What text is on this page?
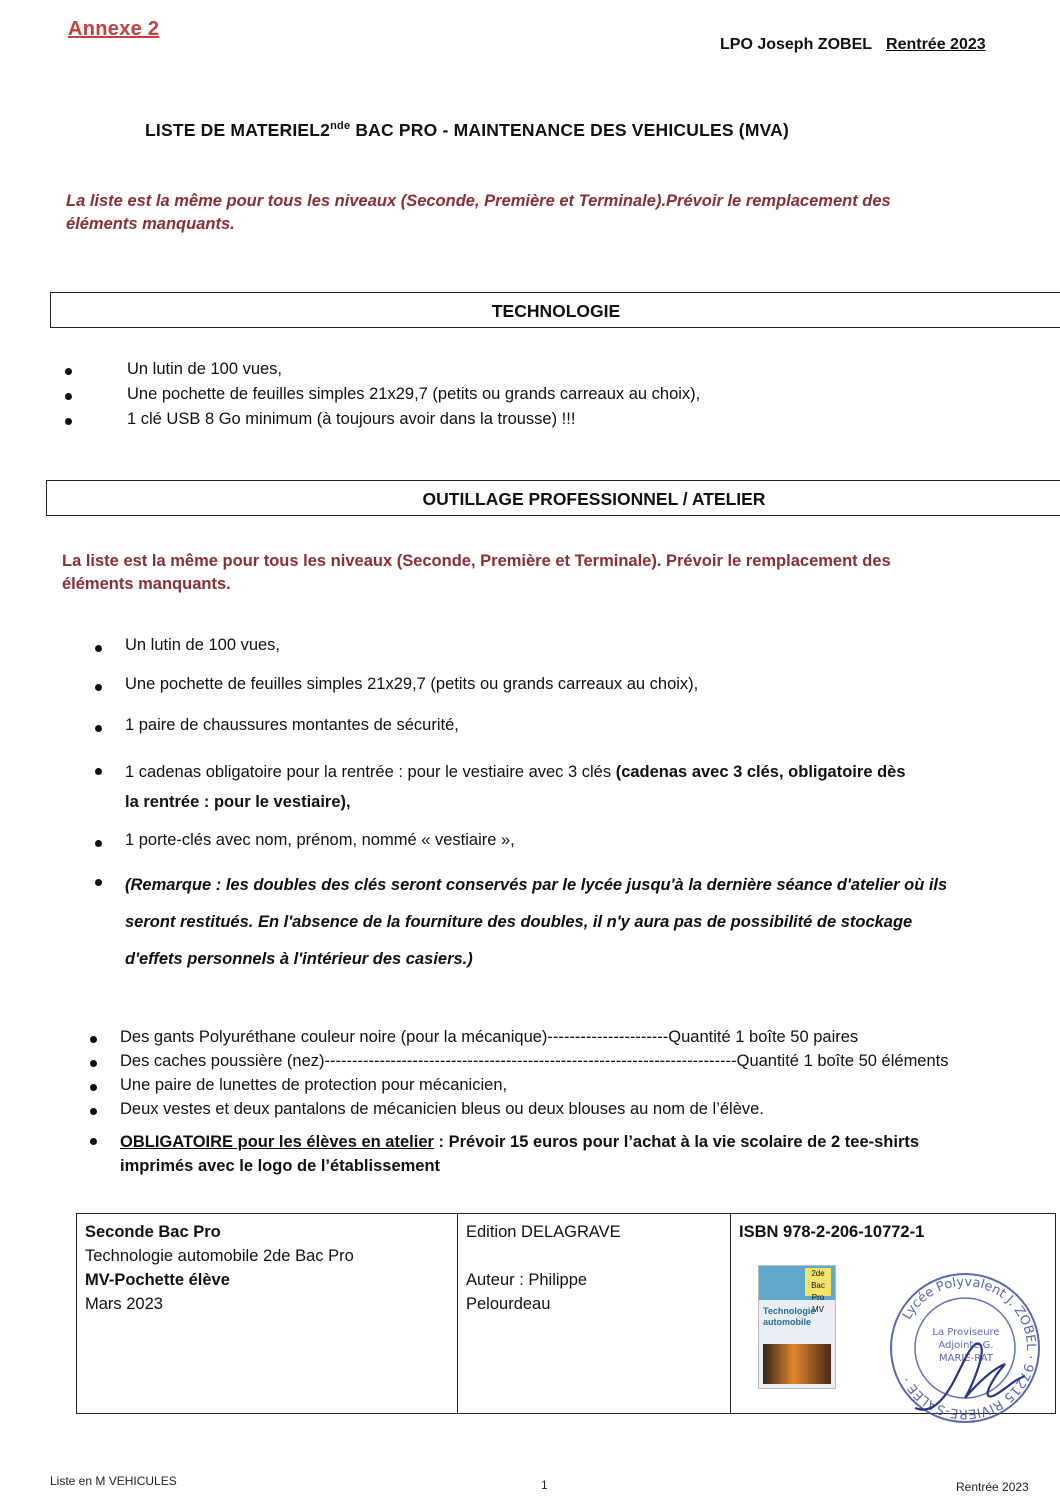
Annexe 2
LPO Joseph ZOBEL Rentrée 2023
LISTE DE MATERIEL2nde BAC PRO - MAINTENANCE DES VEHICULES (MVA)
La liste est la même pour tous les niveaux (Seconde, Première et Terminale).Prévoir le remplacement des
éléments manquants.
TECHNOLOGIE
Un lutin de 100 vues,
Une pochette de feuilles simples 21x29,7 (petits ou grands carreaux au choix),
1 clé USB 8 Go minimum (à toujours avoir dans la trousse) !!!
OUTILLAGE PROFESSIONNEL / ATELIER
La liste est la même pour tous les niveaux (Seconde, Première et Terminale). Prévoir le remplacement des
éléments manquants.
Un lutin de 100 vues,
Une pochette de feuilles simples 21x29,7 (petits ou grands carreaux au choix),
1 paire de chaussures montantes de sécurité,
1 cadenas obligatoire pour la rentrée : pour le vestiaire avec 3 clés (cadenas avec 3 clés, obligatoire dès
la rentrée : pour le vestiaire),
1 porte-clés avec nom, prénom, nommé « vestiaire »,
(Remarque : les doubles des clés seront conservés par le lycée jusqu'à la dernière séance d'atelier où ils
seront restitués. En l'absence de la fourniture des doubles, il n'y aura pas de possibilité de stockage
d'effets personnels à l'intérieur des casiers.)
Des gants Polyuréthane couleur noire (pour la mécanique)----------------------Quantité 1 boîte 50 paires
Des caches poussière (nez)---------------------------------------------------------------------------Quantité 1 boîte 50 éléments
Une paire de lunettes de protection pour mécanicien,
Deux vestes et deux pantalons de mécanicien bleus ou deux blouses au nom de l’élève.
OBLIGATOIRE pour les élèves en atelier : Prévoir 15 euros pour l’achat à la vie scolaire de 2 tee-shirts
imprimés avec le logo de l’établissement
Seconde Bac Pro
Technologie automobile 2de Bac Pro
MV-Pochette élève
Mars 2023

Edition DELAGRAVE
Auteur : Philippe
Pelourdeau

ISBN 978-2-206-10772-1
2de Bac Pro MV
Technologie automobile	Lycée Polyvalent J. ZOBEL · 97215 RIVIÈRE-SALÉE ·
La Proviseure Adjointe G. MARIE-RAT
Liste en M VEHICULES	1	Rentrée 2023
